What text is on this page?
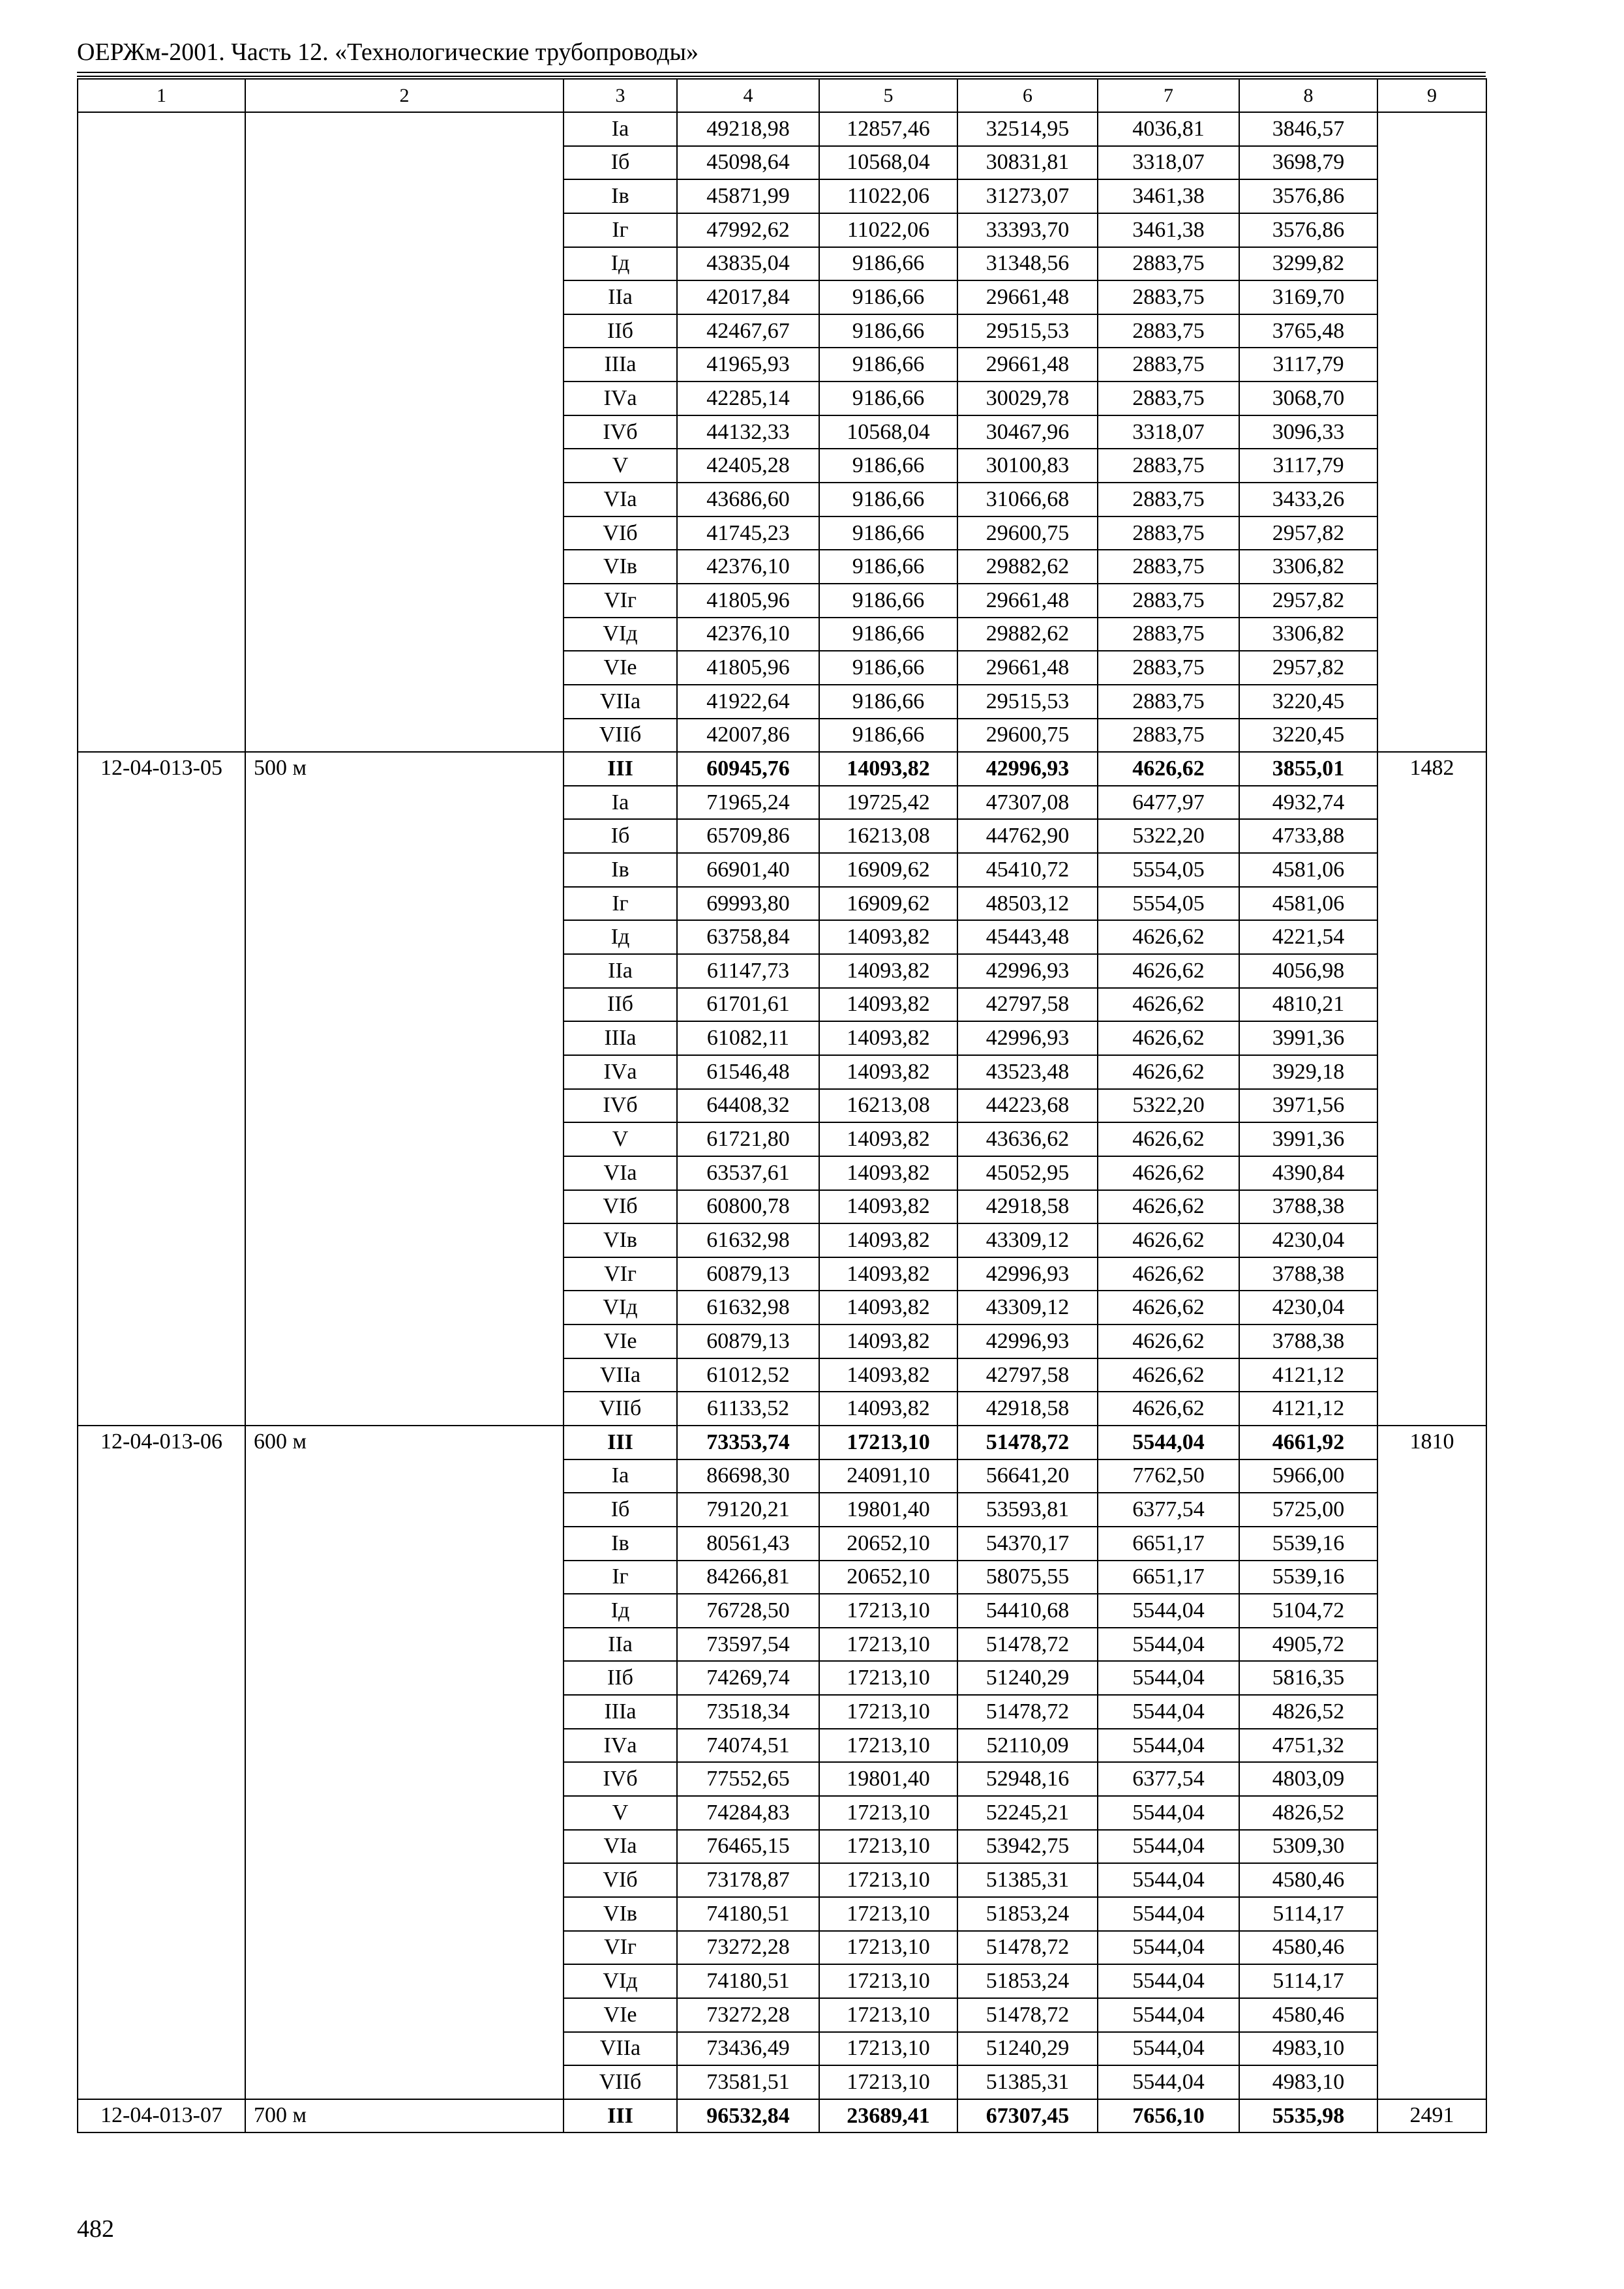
ОЕРЖм-2001. Часть 12. «Технологические трубопроводы»
1	2	3	4	5	6	7	8	9
		Iа	49218,98	12857,46	32514,95	4036,81	3846,57	
		Iб	45098,64	10568,04	30831,81	3318,07	3698,79	
		Iв	45871,99	11022,06	31273,07	3461,38	3576,86	
		Iг	47992,62	11022,06	33393,70	3461,38	3576,86	
		Iд	43835,04	9186,66	31348,56	2883,75	3299,82	
		IIа	42017,84	9186,66	29661,48	2883,75	3169,70	
		IIб	42467,67	9186,66	29515,53	2883,75	3765,48	
		IIIа	41965,93	9186,66	29661,48	2883,75	3117,79	
		IVа	42285,14	9186,66	30029,78	2883,75	3068,70	
		IVб	44132,33	10568,04	30467,96	3318,07	3096,33	
		V	42405,28	9186,66	30100,83	2883,75	3117,79	
		VIа	43686,60	9186,66	31066,68	2883,75	3433,26	
		VIб	41745,23	9186,66	29600,75	2883,75	2957,82	
		VIв	42376,10	9186,66	29882,62	2883,75	3306,82	
		VIг	41805,96	9186,66	29661,48	2883,75	2957,82	
		VIд	42376,10	9186,66	29882,62	2883,75	3306,82	
		VIе	41805,96	9186,66	29661,48	2883,75	2957,82	
		VIIа	41922,64	9186,66	29515,53	2883,75	3220,45	
		VIIб	42007,86	9186,66	29600,75	2883,75	3220,45	
12-04-013-05	500 м	III	60945,76	14093,82	42996,93	4626,62	3855,01	1482
		Iа	71965,24	19725,42	47307,08	6477,97	4932,74	
		Iб	65709,86	16213,08	44762,90	5322,20	4733,88	
		Iв	66901,40	16909,62	45410,72	5554,05	4581,06	
		Iг	69993,80	16909,62	48503,12	5554,05	4581,06	
		Iд	63758,84	14093,82	45443,48	4626,62	4221,54	
		IIа	61147,73	14093,82	42996,93	4626,62	4056,98	
		IIб	61701,61	14093,82	42797,58	4626,62	4810,21	
		IIIа	61082,11	14093,82	42996,93	4626,62	3991,36	
		IVа	61546,48	14093,82	43523,48	4626,62	3929,18	
		IVб	64408,32	16213,08	44223,68	5322,20	3971,56	
		V	61721,80	14093,82	43636,62	4626,62	3991,36	
		VIа	63537,61	14093,82	45052,95	4626,62	4390,84	
		VIб	60800,78	14093,82	42918,58	4626,62	3788,38	
		VIв	61632,98	14093,82	43309,12	4626,62	4230,04	
		VIг	60879,13	14093,82	42996,93	4626,62	3788,38	
		VIд	61632,98	14093,82	43309,12	4626,62	4230,04	
		VIе	60879,13	14093,82	42996,93	4626,62	3788,38	
		VIIа	61012,52	14093,82	42797,58	4626,62	4121,12	
		VIIб	61133,52	14093,82	42918,58	4626,62	4121,12	
12-04-013-06	600 м	III	73353,74	17213,10	51478,72	5544,04	4661,92	1810
		Iа	86698,30	24091,10	56641,20	7762,50	5966,00	
		Iб	79120,21	19801,40	53593,81	6377,54	5725,00	
		Iв	80561,43	20652,10	54370,17	6651,17	5539,16	
		Iг	84266,81	20652,10	58075,55	6651,17	5539,16	
		Iд	76728,50	17213,10	54410,68	5544,04	5104,72	
		IIа	73597,54	17213,10	51478,72	5544,04	4905,72	
		IIб	74269,74	17213,10	51240,29	5544,04	5816,35	
		IIIа	73518,34	17213,10	51478,72	5544,04	4826,52	
		IVа	74074,51	17213,10	52110,09	5544,04	4751,32	
		IVб	77552,65	19801,40	52948,16	6377,54	4803,09	
		V	74284,83	17213,10	52245,21	5544,04	4826,52	
		VIа	76465,15	17213,10	53942,75	5544,04	5309,30	
		VIб	73178,87	17213,10	51385,31	5544,04	4580,46	
		VIв	74180,51	17213,10	51853,24	5544,04	5114,17	
		VIг	73272,28	17213,10	51478,72	5544,04	4580,46	
		VIд	74180,51	17213,10	51853,24	5544,04	5114,17	
		VIе	73272,28	17213,10	51478,72	5544,04	4580,46	
		VIIа	73436,49	17213,10	51240,29	5544,04	4983,10	
		VIIб	73581,51	17213,10	51385,31	5544,04	4983,10	
12-04-013-07	700 м	III	96532,84	23689,41	67307,45	7656,10	5535,98	2491
482
